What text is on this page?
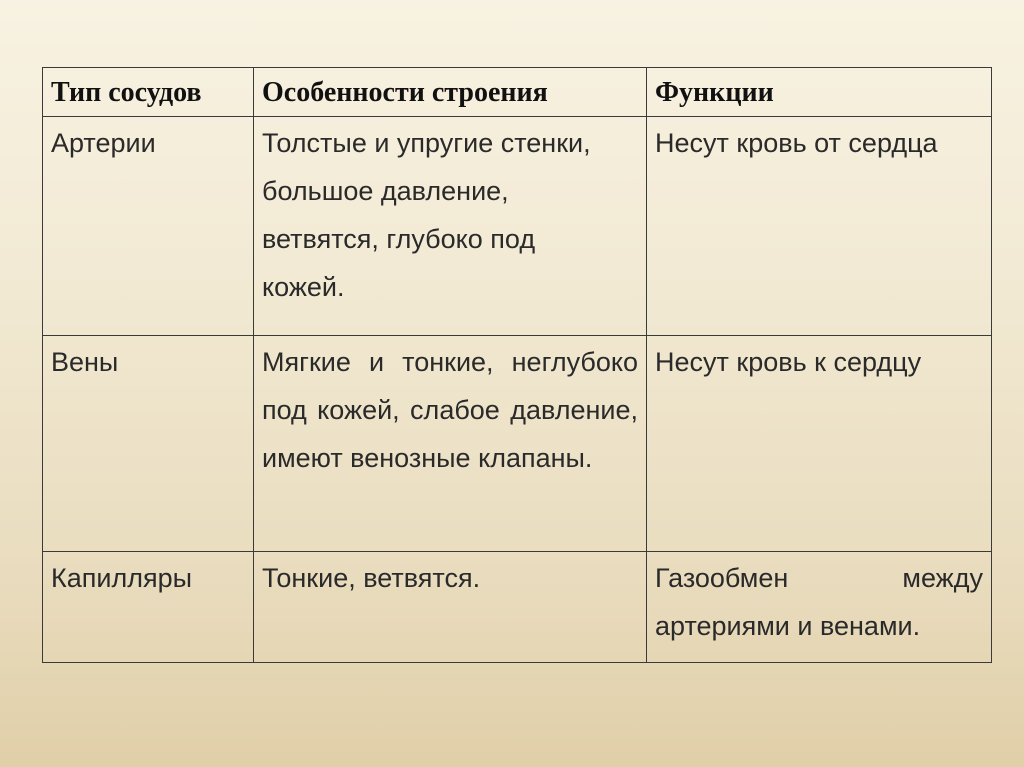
Тип сосудов	Особенности строения	Функции
Артерии	Толстые и упругие стенки, большое давление, ветвятся, глубоко под кожей.	Несут кровь от сердца
Вены	Мягкие и тонкие, неглубоко под кожей, слабое давление, имеют венозные клапаны.	Несут кровь к сердцу
Капилляры	Тонкие, ветвятся.	Газообмен между артериями и венами.
